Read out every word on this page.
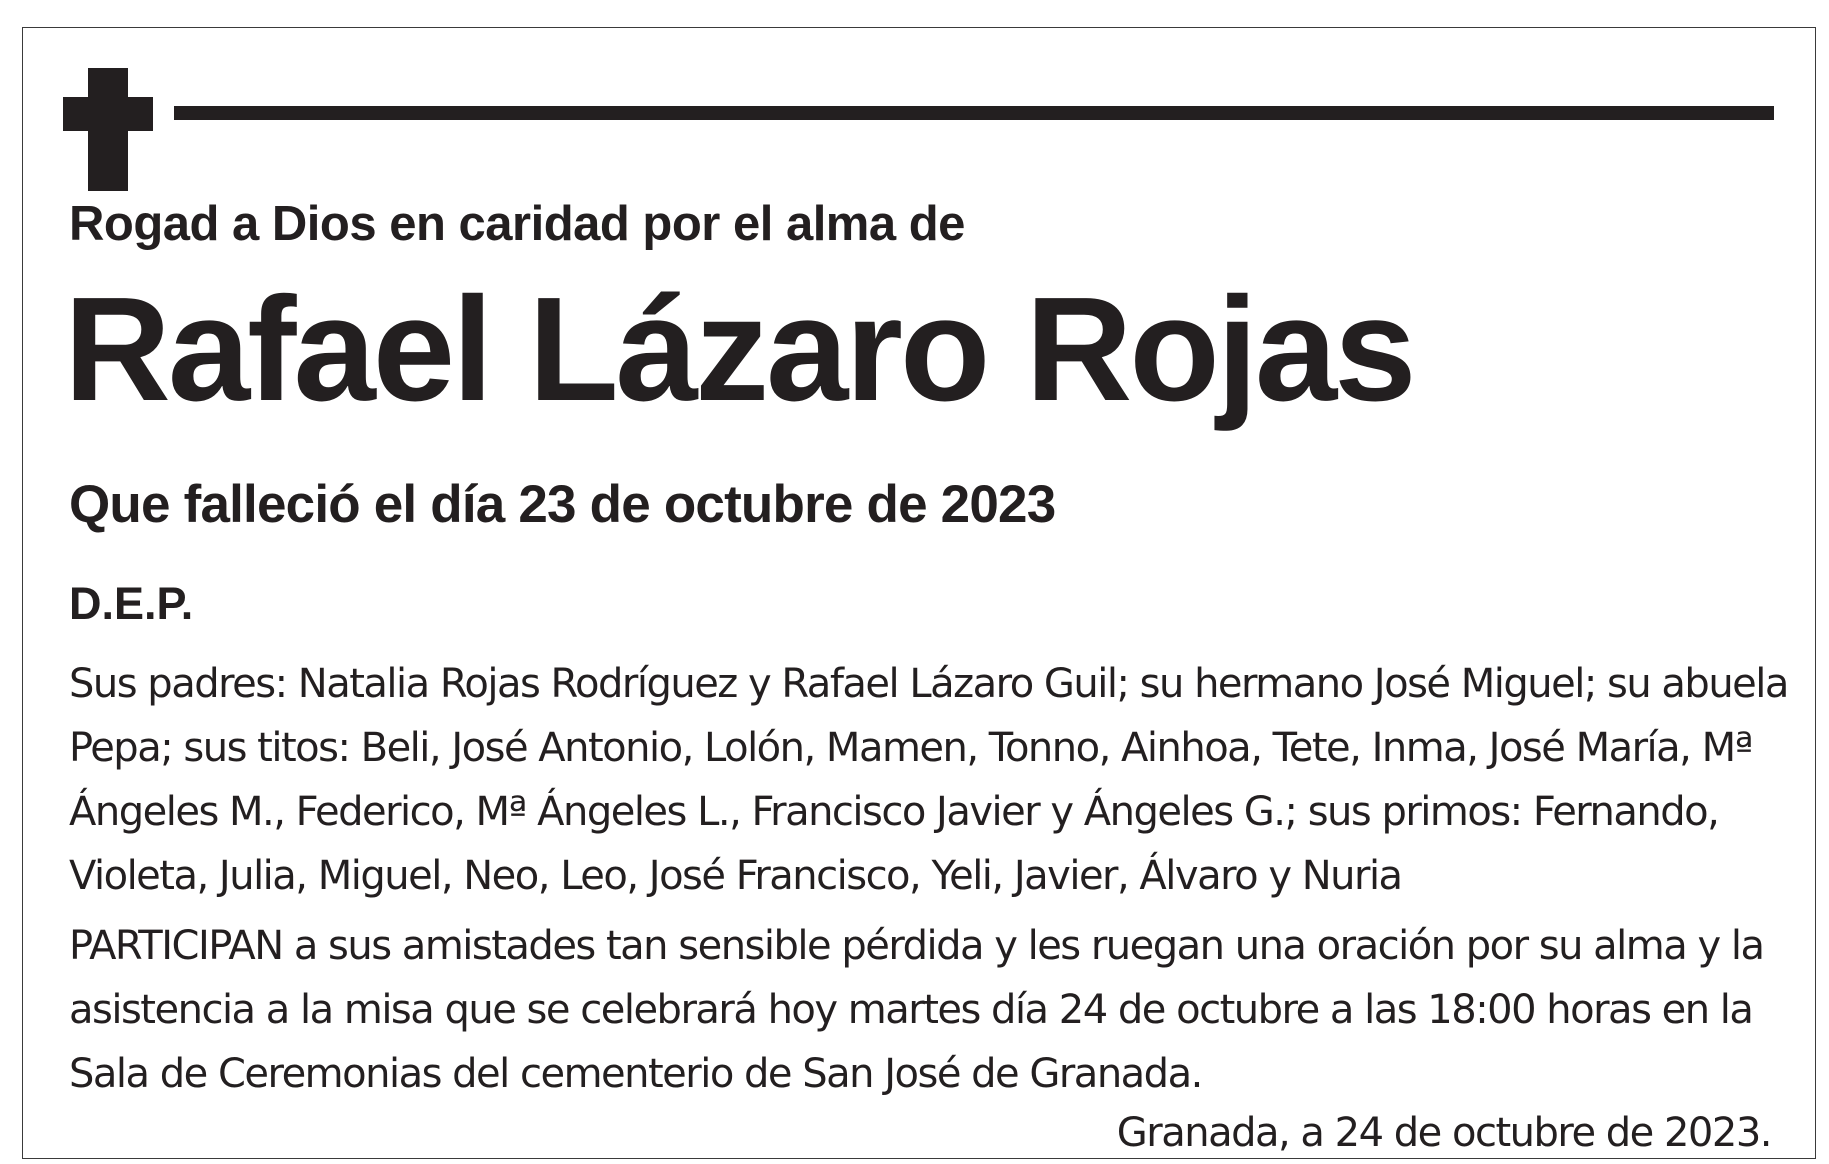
Rogad a Dios en caridad por el alma de
Rafael Lázaro Rojas
Que falleció el día 23 de octubre de 2023
D.E.P.

Sus padres: Natalia Rojas Rodríguez y Rafael Lázaro Guil; su hermano José Miguel; su abuela
Pepa; sus titos: Beli, José Antonio, Lolón, Mamen, Tonno, Ainhoa, Tete, Inma, José María, Mª
Ángeles M., Federico, Mª Ángeles L., Francisco Javier y Ángeles G.; sus primos: Fernando,
Violeta, Julia, Miguel, Neo, Leo, José Francisco, Yeli, Javier, Álvaro y Nuria

PARTICIPAN a sus amistades tan sensible pérdida y les ruegan una oración por su alma y la
asistencia a la misa que se celebrará hoy martes día 24 de octubre a las 18:00 horas en la
Sala de Ceremonias del cementerio de San José de Granada.

Granada, a 24 de octubre de 2023.
